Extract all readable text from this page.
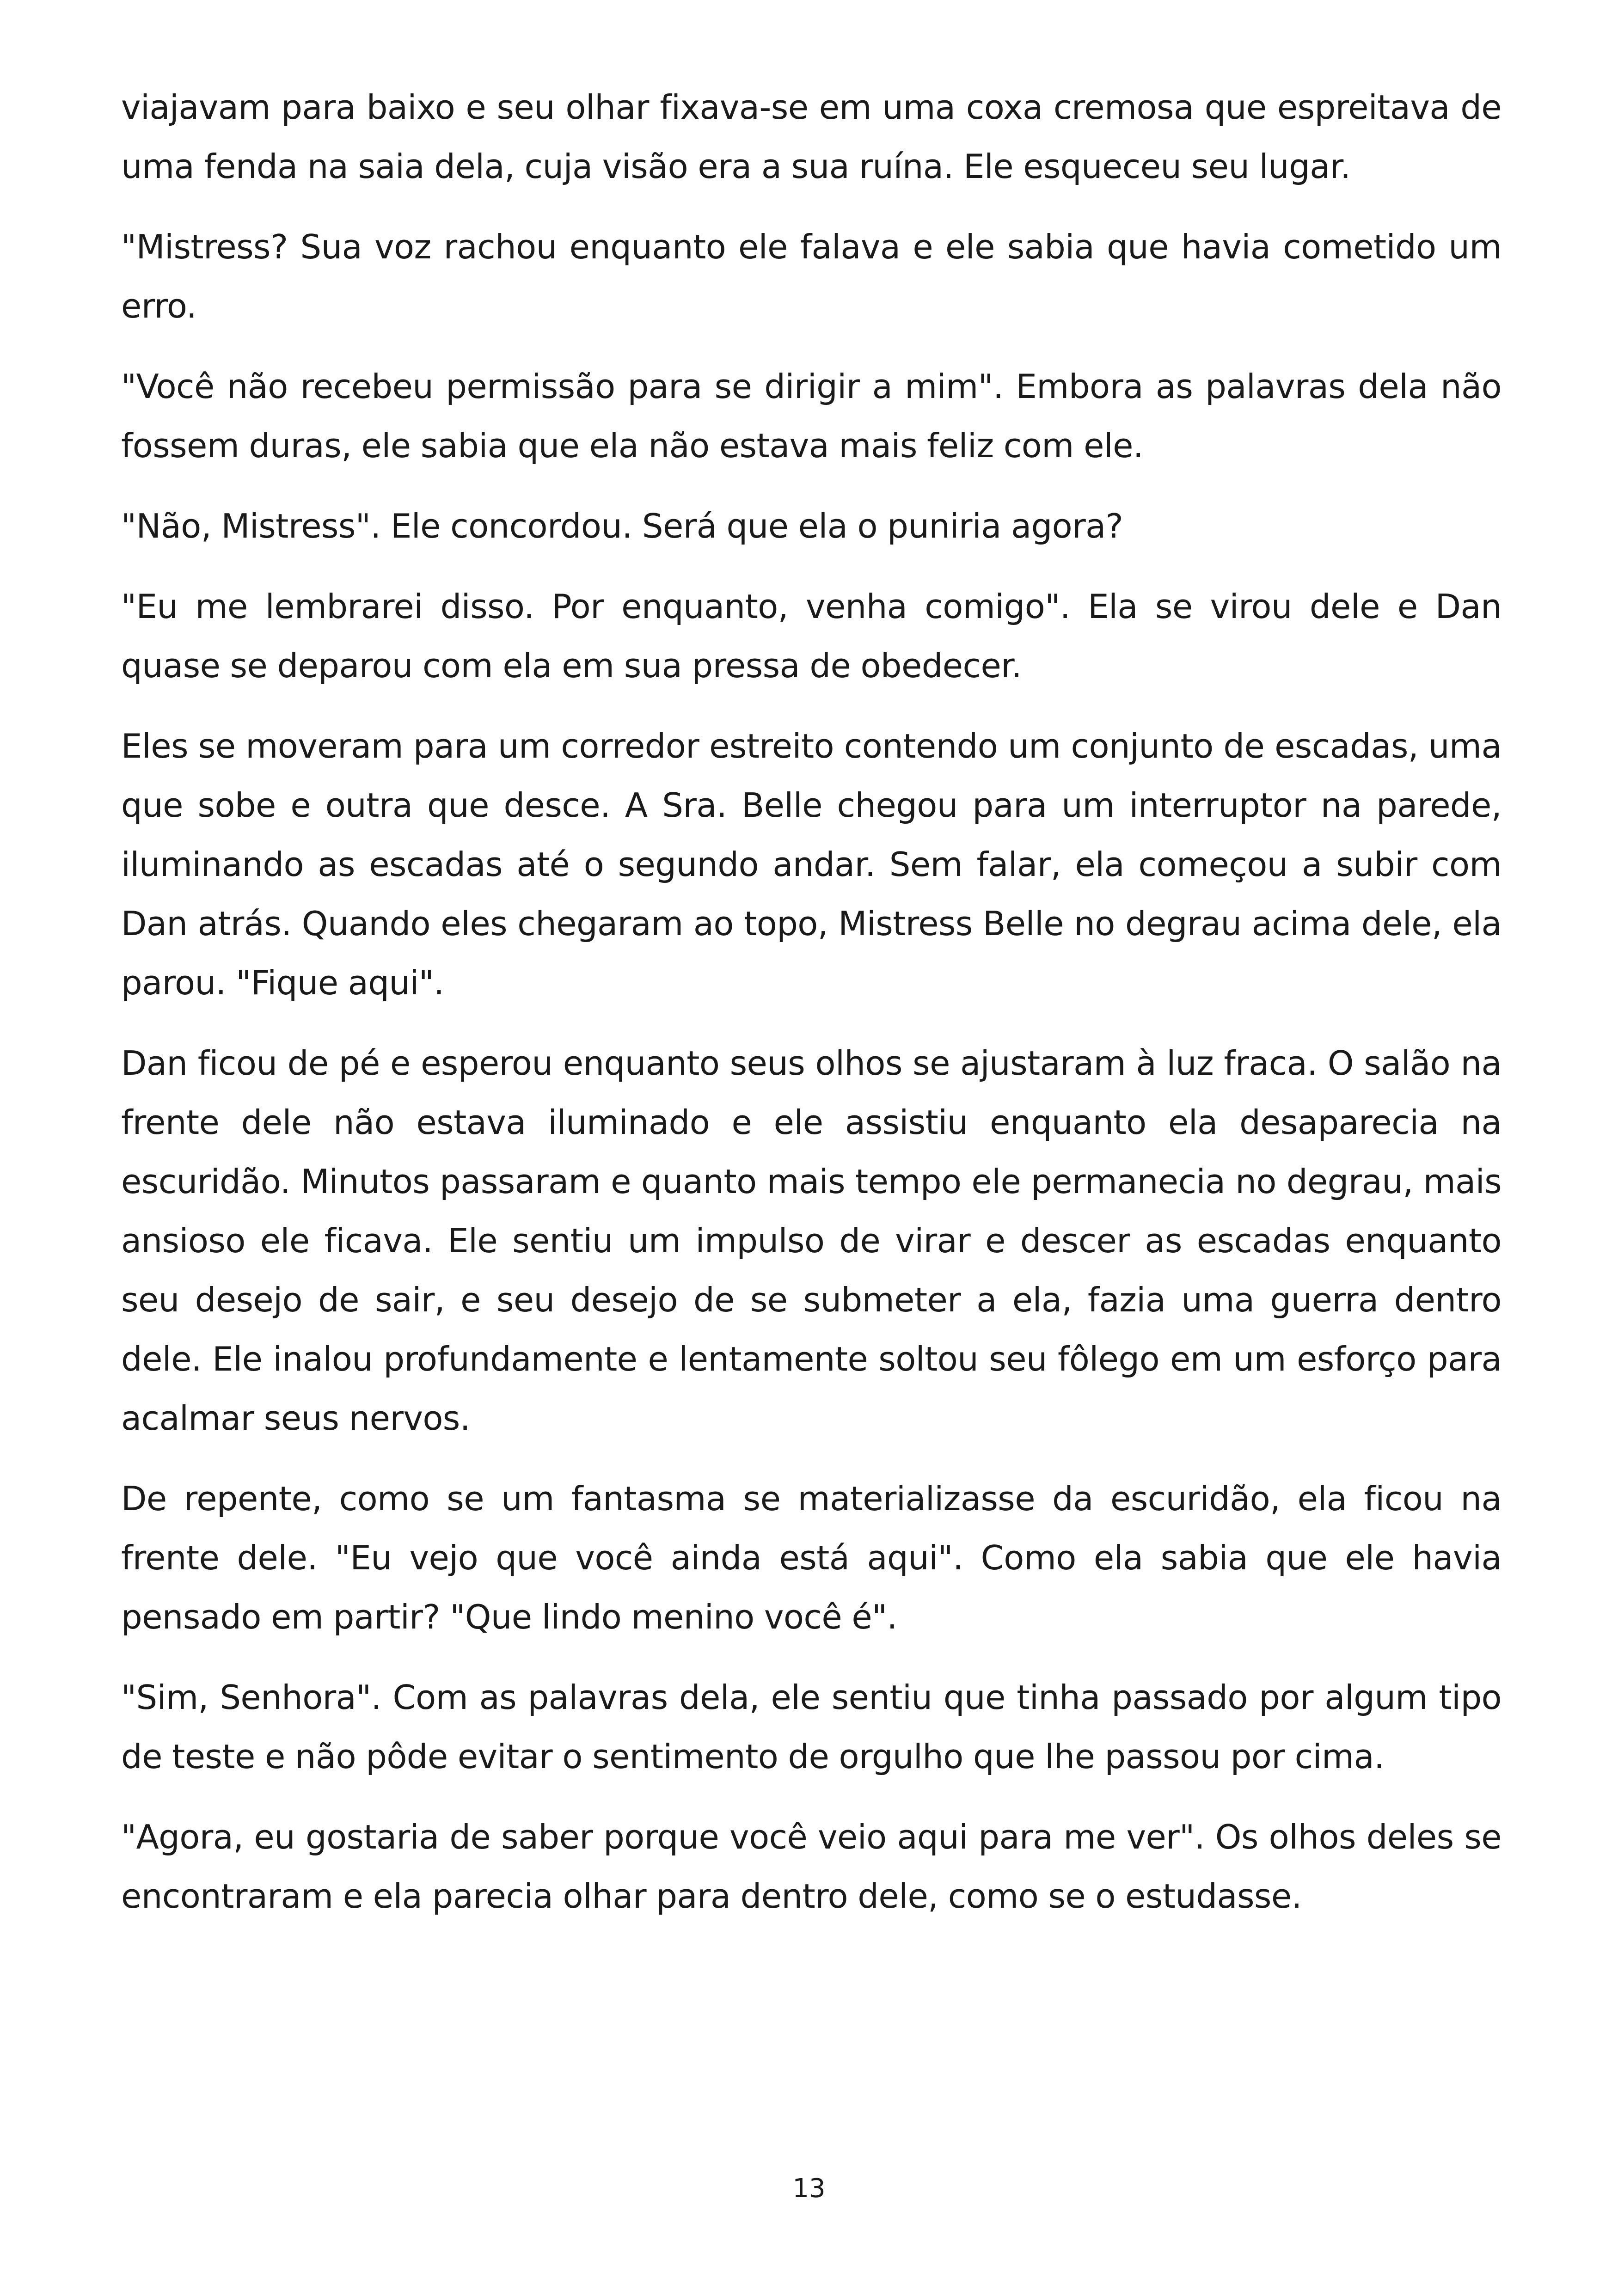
viajavam para baixo e seu olhar fixava-se em uma coxa cremosa que espreitava de uma fenda na saia dela, cuja visão era a sua ruína. Ele esqueceu seu lugar.

"Mistress? Sua voz rachou enquanto ele falava e ele sabia que havia cometido um erro.

"Você não recebeu permissão para se dirigir a mim". Embora as palavras dela não fossem duras, ele sabia que ela não estava mais feliz com ele.

"Não, Mistress". Ele concordou. Será que ela o puniria agora?

"Eu me lembrarei disso. Por enquanto, venha comigo". Ela se virou dele e Dan quase se deparou com ela em sua pressa de obedecer.

Eles se moveram para um corredor estreito contendo um conjunto de escadas, uma que sobe e outra que desce. A Sra. Belle chegou para um interruptor na parede, iluminando as escadas até o segundo andar. Sem falar, ela começou a subir com Dan atrás. Quando eles chegaram ao topo, Mistress Belle no degrau acima dele, ela parou. "Fique aqui".

Dan ficou de pé e esperou enquanto seus olhos se ajustaram à luz fraca. O salão na frente dele não estava iluminado e ele assistiu enquanto ela desaparecia na escuridão. Minutos passaram e quanto mais tempo ele permanecia no degrau, mais ansioso ele ficava. Ele sentiu um impulso de virar e descer as escadas enquanto seu desejo de sair, e seu desejo de se submeter a ela, fazia uma guerra dentro dele. Ele inalou profundamente e lentamente soltou seu fôlego em um esforço para acalmar seus nervos.

De repente, como se um fantasma se materializasse da escuridão, ela ficou na frente dele. "Eu vejo que você ainda está aqui". Como ela sabia que ele havia pensado em partir? "Que lindo menino você é".

"Sim, Senhora". Com as palavras dela, ele sentiu que tinha passado por algum tipo de teste e não pôde evitar o sentimento de orgulho que lhe passou por cima.

"Agora, eu gostaria de saber porque você veio aqui para me ver". Os olhos deles se encontraram e ela parecia olhar para dentro dele, como se o estudasse.

13
